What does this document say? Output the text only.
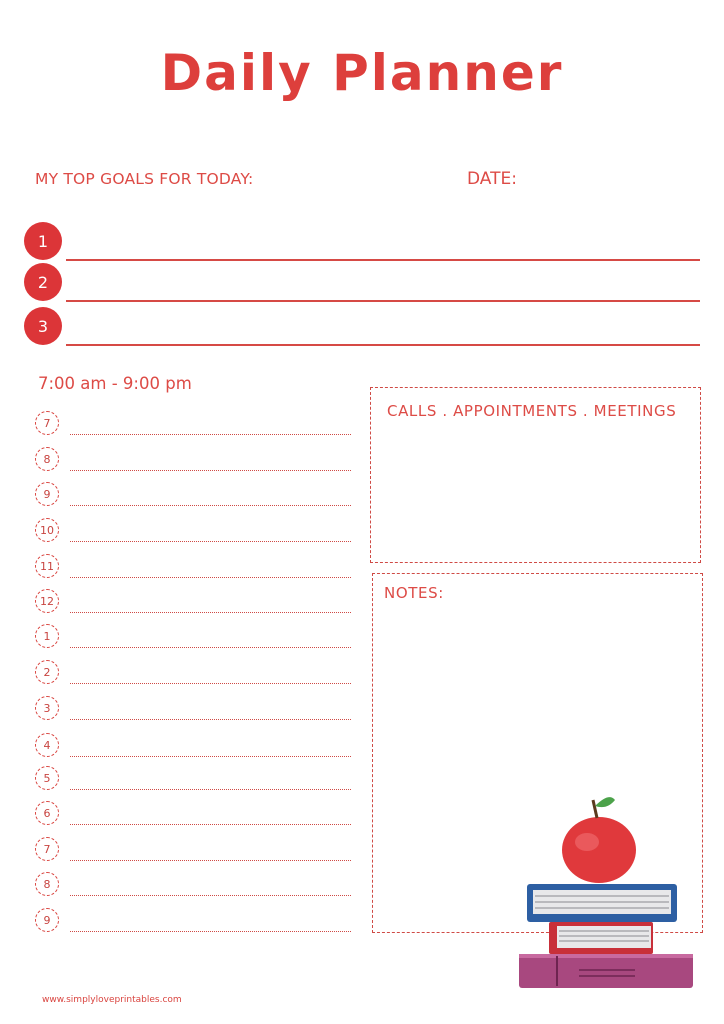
Daily Planner
MY TOP GOALS FOR TODAY:	DATE:
1
2
3
7:00 am - 9:00 pm
7
8
9
10
11
12
1
2
3
4
5
6
7
8
9
CALLS . APPOINTMENTS . MEETINGS
NOTES:
www.simplyloveprintables.com
